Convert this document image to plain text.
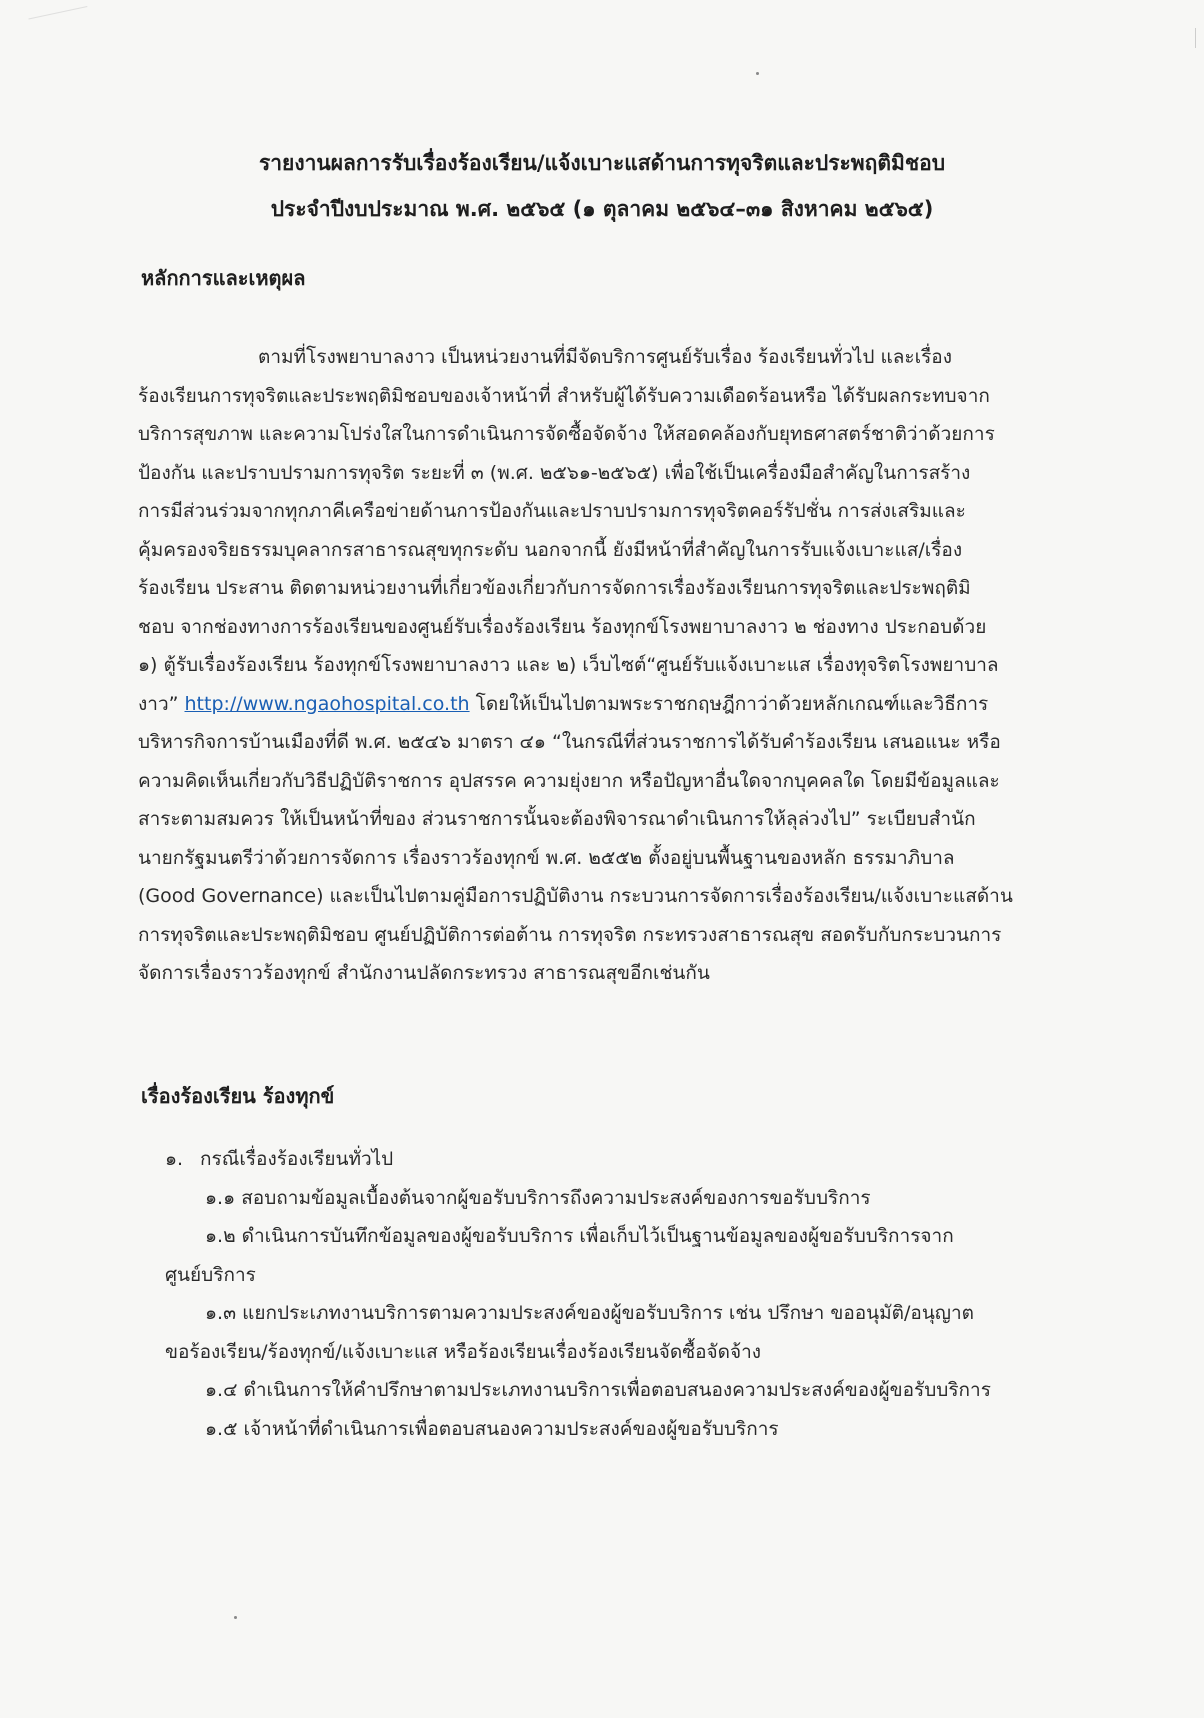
รายงานผลการรับเรื่องร้องเรียน/แจ้งเบาะแสด้านการทุจริตและประพฤติมิชอบ
ประจำปีงบประมาณ พ.ศ. ๒๕๖๕ (๑ ตุลาคม ๒๕๖๔–๓๑ สิงหาคม ๒๕๖๕)
หลักการและเหตุผล
ตามที่โรงพยาบาลงาว เป็นหน่วยงานที่มีจัดบริการศูนย์รับเรื่อง ร้องเรียนทั่วไป และเรื่อง
ร้องเรียนการทุจริตและประพฤติมิชอบของเจ้าหน้าที่ สำหรับผู้ได้รับความเดือดร้อนหรือ ได้รับผลกระทบจาก
บริการสุขภาพ และความโปร่งใสในการดำเนินการจัดซื้อจัดจ้าง ให้สอดคล้องกับยุทธศาสตร์ชาติว่าด้วยการ
ป้องกัน และปราบปรามการทุจริต ระยะที่ ๓ (พ.ศ. ๒๕๖๑-๒๕๖๕) เพื่อใช้เป็นเครื่องมือสำคัญในการสร้าง
การมีส่วนร่วมจากทุกภาคีเครือข่ายด้านการป้องกันและปราบปรามการทุจริตคอร์รัปชั่น การส่งเสริมและ
คุ้มครองจริยธรรมบุคลากรสาธารณสุขทุกระดับ นอกจากนี้ ยังมีหน้าที่สำคัญในการรับแจ้งเบาะแส/เรื่อง
ร้องเรียน ประสาน ติดตามหน่วยงานที่เกี่ยวข้องเกี่ยวกับการจัดการเรื่องร้องเรียนการทุจริตและประพฤติมิ
ชอบ จากช่องทางการร้องเรียนของศูนย์รับเรื่องร้องเรียน ร้องทุกข์โรงพยาบาลงาว ๒ ช่องทาง ประกอบด้วย
๑) ตู้รับเรื่องร้องเรียน ร้องทุกข์โรงพยาบาลงาว และ ๒) เว็บไซต์“ศูนย์รับแจ้งเบาะแส เรื่องทุจริตโรงพยาบาล
งาว” http://www.ngaohospital.co.th โดยให้เป็นไปตามพระราชกฤษฎีกาว่าด้วยหลักเกณฑ์และวิธีการ
บริหารกิจการบ้านเมืองที่ดี พ.ศ. ๒๕๔๖ มาตรา ๔๑ “ในกรณีที่ส่วนราชการได้รับคำร้องเรียน เสนอแนะ หรือ
ความคิดเห็นเกี่ยวกับวิธีปฏิบัติราชการ อุปสรรค ความยุ่งยาก หรือปัญหาอื่นใดจากบุคคลใด โดยมีข้อมูลและ
สาระตามสมควร ให้เป็นหน้าที่ของ ส่วนราชการนั้นจะต้องพิจารณาดำเนินการให้ลุล่วงไป” ระเบียบสำนัก
นายกรัฐมนตรีว่าด้วยการจัดการ เรื่องราวร้องทุกข์ พ.ศ. ๒๕๕๒ ตั้งอยู่บนพื้นฐานของหลัก ธรรมาภิบาล
(Good Governance) และเป็นไปตามคู่มือการปฏิบัติงาน กระบวนการจัดการเรื่องร้องเรียน/แจ้งเบาะแสด้าน
การทุจริตและประพฤติมิชอบ ศูนย์ปฏิบัติการต่อต้าน การทุจริต กระทรวงสาธารณสุข สอดรับกับกระบวนการ
จัดการเรื่องราวร้องทุกข์ สำนักงานปลัดกระทรวง สาธารณสุขอีกเช่นกัน
เรื่องร้องเรียน ร้องทุกข์
๑. กรณีเรื่องร้องเรียนทั่วไป
๑.๑ สอบถามข้อมูลเบื้องต้นจากผู้ขอรับบริการถึงความประสงค์ของการขอรับบริการ
๑.๒ ดำเนินการบันทึกข้อมูลของผู้ขอรับบริการ เพื่อเก็บไว้เป็นฐานข้อมูลของผู้ขอรับบริการจาก
ศูนย์บริการ
๑.๓ แยกประเภทงานบริการตามความประสงค์ของผู้ขอรับบริการ เช่น ปรึกษา ขออนุมัติ/อนุญาต
ขอร้องเรียน/ร้องทุกข์/แจ้งเบาะแส หรือร้องเรียนเรื่องร้องเรียนจัดซื้อจัดจ้าง
๑.๔ ดำเนินการให้คำปรึกษาตามประเภทงานบริการเพื่อตอบสนองความประสงค์ของผู้ขอรับบริการ
๑.๕ เจ้าหน้าที่ดำเนินการเพื่อตอบสนองความประสงค์ของผู้ขอรับบริการ
